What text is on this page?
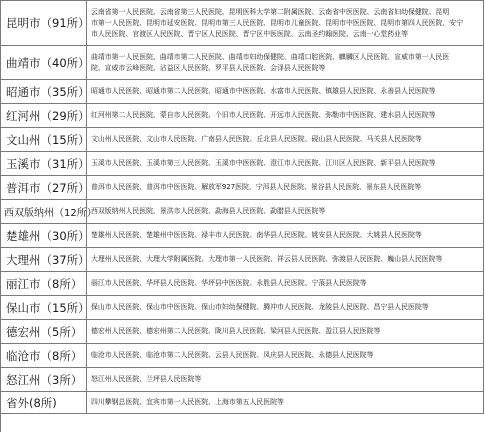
昆明市（91所）
云南省第一人民医院、云南省第三人民医院、昆明医科大学第二附属医院、云南省中医医院、云南省妇幼保健院、昆明
市第一人民医院、昆明市延安医院、昆明市第三人民医院、昆明市儿童医院、昆明市中医医院、昆明市第四人民医院、安宁
市人民医院、官渡区人民医院、晋宁区人民医院、晋宁区中医医院、云南圣约翰医院、云南一心堂药业等
曲靖市（40所） 曲靖市第一人民医院、曲靖市第二人民医院、曲靖市妇幼保健院、曲靖口腔医院、麒麟区人民医院、宣威市第一人民医
院、宣威市云峰医院、沾益区人民医院、罗平县人民医院、会泽县人民医院等
昭通市（35所） 昭通市人民医院、昭通市第二人民医院、昭通市中医医院、水富市人民医院、镇雄县人民医院、永善县人民医院等
红河州（29所） 红河州第二人民医院、蒙自市人民医院、个旧市人民医院、开远市人民医院、弥勒市中医医院、建水县人民医院等
文山州（15所） 文山州人民医院、文山市人民医院、广南县人民医院、丘北县人民医院、砚山县人民医院、马关县人民医院等
玉溪市（31所） 玉溪市人民医院、玉溪市第三人民医院、玉溪市中医医院、澄江市人民医院、江川区人民医院、新平县人民医院等
普洱市（27所） 普洱市人民医院、普洱市中医医院、解放军927医院、宁洱县人民医院、景谷县人民医院、景东县人民医院等
西双版纳州（12所）
西双版纳州人民医院、景洪市人民医院、勐海县人民医院、勐腊县人民医院等
楚雄州（30所） 楚雄州人民医院、楚雄州中医医院、禄丰市人民医院、南华县人民医院、姚安县人民医院、大姚县人民医院等
大理州（37所） 大理州人民医院、大理大学附属医院、大理市第一人民医院、祥云县人民医院、弥渡县人民医院、巍山县人民医院等
丽江市（8所）	丽江市人民医院、华坪县人民医院、华坪县中医医院、永胜县人民医院、宁蒗县人民医院等
保山市（15所） 保山市人民医院、保山市中医医院、保山市妇幼保健院、腾冲市人民医院、龙陵县人民医院、昌宁县人民医院等
德宏州（5所）	德宏州人民医院、德宏州第二人民医院、陇川县人民医院、梁河县人民医院、盈江县人民医院等
临沧市（8所）	临沧市人民医院、临沧市第二人民医院、云县人民医院、凤庆县人民医院、永德县人民医院等
怒江州（3所）	怒江州人民医院、兰坪县人民医院等
省外(8所)	四川攀钢总医院、宜宾市第一人民医院、上海市第五人民医院等
